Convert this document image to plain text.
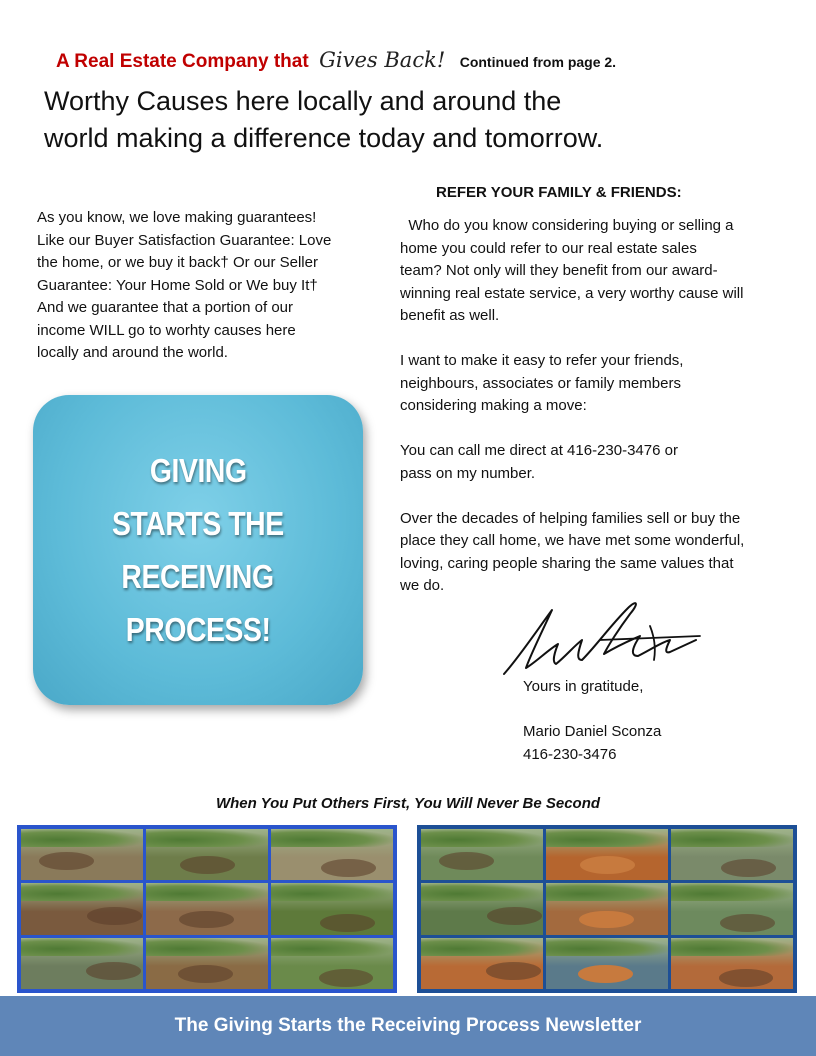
A Real Estate Company that Gives Back! Continued from page 2.
Worthy Causes here locally and around the
world making a difference today and tomorrow.
As you know, we love making guarantees!
Like our Buyer Satisfaction Guarantee: Love
the home, or we buy it back† Or our Seller
Guarantee: Your Home Sold or We buy It†
And we guarantee that a portion of our
income WILL go to worhty causes here
locally and around the world.
GIVING
STARTS THE
RECEIVING
PROCESS!
REFER YOUR FAMILY & FRIENDS:
Who do you know considering buying or selling a
home you could refer to our real estate sales
team? Not only will they benefit from our award-
winning real estate service, a very worthy cause will
benefit as well.
I want to make it easy to refer your friends,
neighbours, associates or family members
considering making a move:
You can call me direct at 416-230-3476 or
pass on my number.
Over the decades of helping families sell or buy the
place they call home, we have met some wonderful,
loving, caring people sharing the same values that
we do.
Yours in gratitude,
Mario Daniel Sconza
416-230-3476
When You Put Others First, You Will Never Be Second
The Giving Starts the Receiving Process Newsletter
